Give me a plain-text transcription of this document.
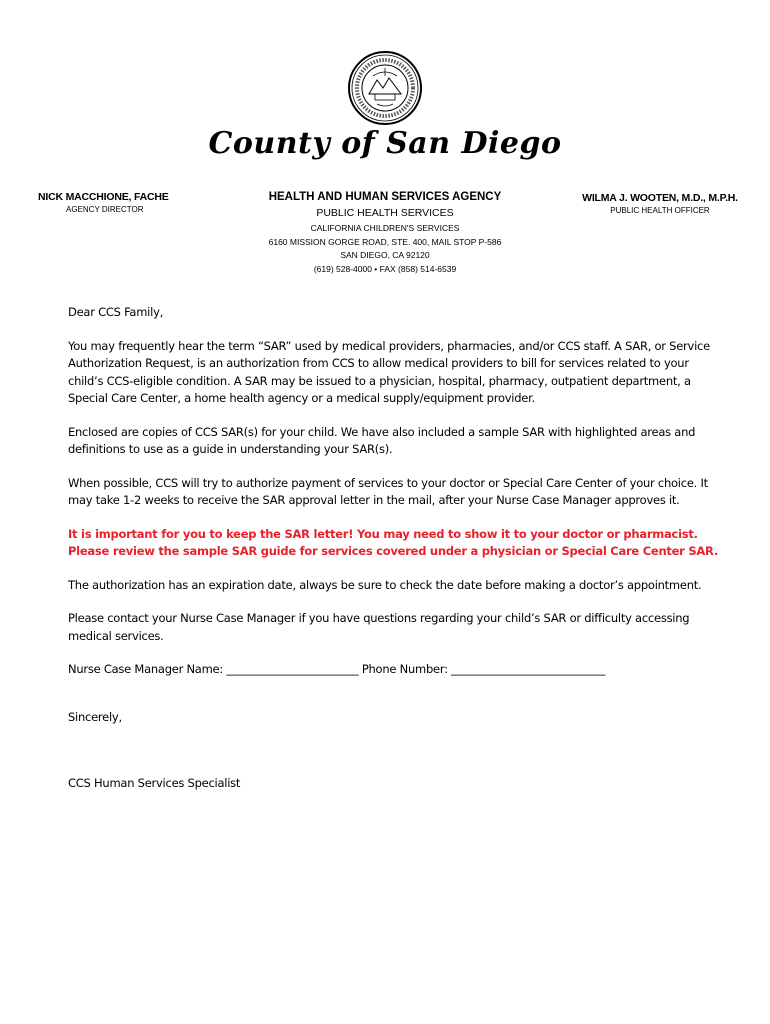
County of San Diego
NICK MACCHIONE, FACHE
AGENCY DIRECTOR
HEALTH AND HUMAN SERVICES AGENCY
PUBLIC HEALTH SERVICES
CALIFORNIA CHILDREN'S SERVICES
6160 MISSION GORGE ROAD, STE. 400, MAIL STOP P-586
SAN DIEGO, CA 92120
(619) 528-4000 • FAX (858) 514-6539
WILMA J. WOOTEN, M.D., M.P.H.
PUBLIC HEALTH OFFICER

Dear CCS Family,

You may frequently hear the term “SAR” used by medical providers, pharmacies, and/or CCS staff. A SAR, or Service Authorization Request, is an authorization from CCS to allow medical providers to bill for services related to your child’s CCS-eligible condition. A SAR may be issued to a physician, hospital, pharmacy, outpatient department, a Special Care Center, a home health agency or a medical supply/equipment provider.

Enclosed are copies of CCS SAR(s) for your child. We have also included a sample SAR with highlighted areas and definitions to use as a guide in understanding your SAR(s).

When possible, CCS will try to authorize payment of services to your doctor or Special Care Center of your choice. It may take 1-2 weeks to receive the SAR approval letter in the mail, after your Nurse Case Manager approves it.

It is important for you to keep the SAR letter! You may need to show it to your doctor or pharmacist. Please review the sample SAR guide for services covered under a physician or Special Care Center SAR.

The authorization has an expiration date, always be sure to check the date before making a doctor’s appointment.

Please contact your Nurse Case Manager if you have questions regarding your child’s SAR or difficulty accessing medical services.

Nurse Case Manager Name: ________________________ Phone Number: ____________________________

Sincerely,

CCS Human Services Specialist
